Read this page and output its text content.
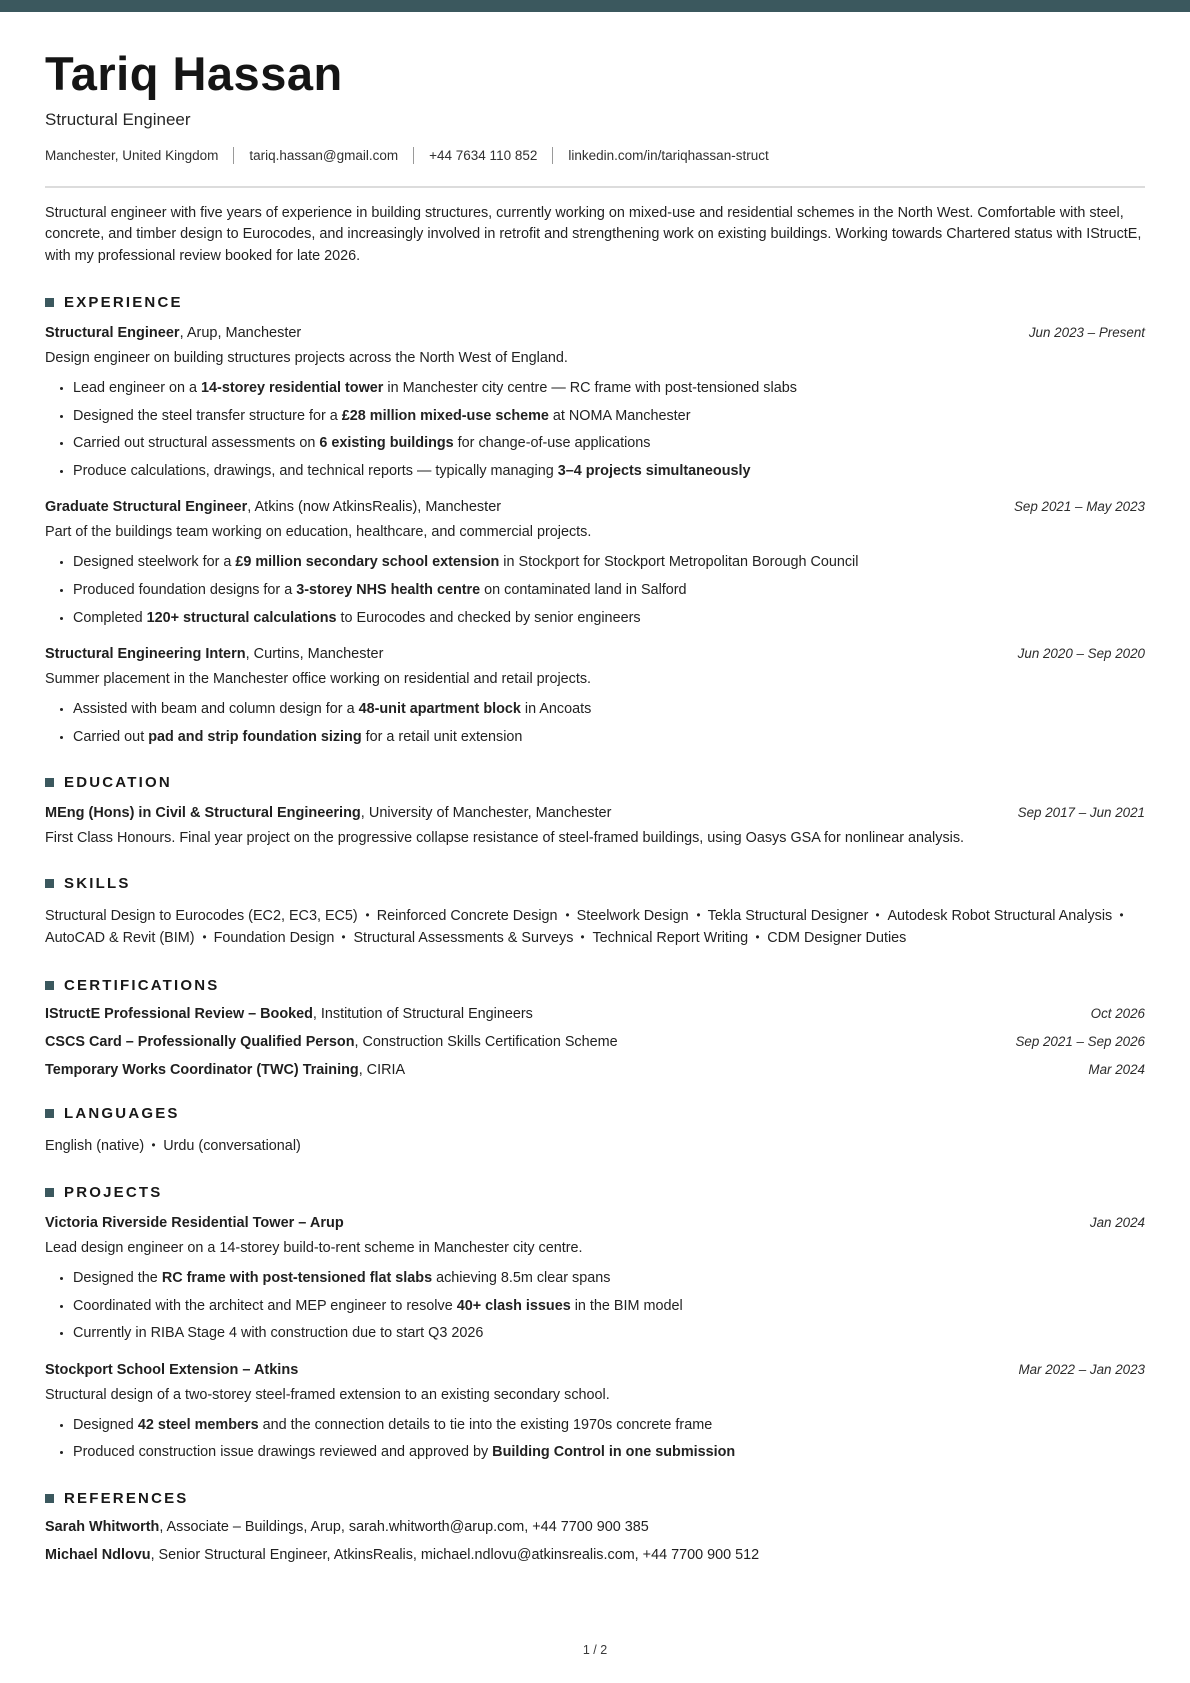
Tariq Hassan
Structural Engineer
Manchester, United Kingdom tariq.hassan@gmail.com +44 7634 110 852 linkedin.com/in/tariqhassan-struct

Structural engineer with five years of experience in building structures, currently working on mixed-use and residential schemes in the North West. Comfortable with steel, concrete, and timber design to Eurocodes, and increasingly involved in retrofit and strengthening work on existing buildings. Working towards Chartered status with IStructE, with my professional review booked for late 2026.

EXPERIENCE
Structural Engineer, Arup, Manchester	Jun 2023 – Present
Design engineer on building structures projects across the North West of England.
• Lead engineer on a 14-storey residential tower in Manchester city centre — RC frame with post-tensioned slabs
• Designed the steel transfer structure for a £28 million mixed-use scheme at NOMA Manchester
• Carried out structural assessments on 6 existing buildings for change-of-use applications
• Produce calculations, drawings, and technical reports — typically managing 3–4 projects simultaneously
Graduate Structural Engineer, Atkins (now AtkinsRealis), Manchester	Sep 2021 – May 2023
Part of the buildings team working on education, healthcare, and commercial projects.
• Designed steelwork for a £9 million secondary school extension in Stockport for Stockport Metropolitan Borough Council
• Produced foundation designs for a 3-storey NHS health centre on contaminated land in Salford
• Completed 120+ structural calculations to Eurocodes and checked by senior engineers
Structural Engineering Intern, Curtins, Manchester	Jun 2020 – Sep 2020
Summer placement in the Manchester office working on residential and retail projects.
• Assisted with beam and column design for a 48-unit apartment block in Ancoats
• Carried out pad and strip foundation sizing for a retail unit extension
EDUCATION
MEng (Hons) in Civil & Structural Engineering, University of Manchester, Manchester	Sep 2017 – Jun 2021
First Class Honours. Final year project on the progressive collapse resistance of steel-framed buildings, using Oasys GSA for nonlinear analysis.
SKILLS
Structural Design to Eurocodes (EC2, EC3, EC5) • Reinforced Concrete Design • Steelwork Design • Tekla Structural Designer • Autodesk Robot Structural Analysis •AutoCAD & Revit (BIM) • Foundation Design • Structural Assessments & Surveys • Technical Report Writing • CDM Designer Duties
CERTIFICATIONS
IStructE Professional Review – Booked, Institution of Structural Engineers	Oct 2026
CSCS Card – Professionally Qualified Person, Construction Skills Certification Scheme	Sep 2021 – Sep 2026
Temporary Works Coordinator (TWC) Training, CIRIA	Mar 2024
LANGUAGES
English (native) • Urdu (conversational)
PROJECTS
Victoria Riverside Residential Tower – Arup	Jan 2024
Lead design engineer on a 14-storey build-to-rent scheme in Manchester city centre.
• Designed the RC frame with post-tensioned flat slabs achieving 8.5m clear spans
• Coordinated with the architect and MEP engineer to resolve 40+ clash issues in the BIM model
• Currently in RIBA Stage 4 with construction due to start Q3 2026
Stockport School Extension – Atkins	Mar 2022 – Jan 2023
Structural design of a two-storey steel-framed extension to an existing secondary school.
• Designed 42 steel members and the connection details to tie into the existing 1970s concrete frame
• Produced construction issue drawings reviewed and approved by Building Control in one submission
REFERENCES
Sarah Whitworth, Associate – Buildings, Arup, sarah.whitworth@arup.com, +44 7700 900 385
Michael Ndlovu, Senior Structural Engineer, AtkinsRealis, michael.ndlovu@atkinsrealis.com, +44 7700 900 512
1 / 2
